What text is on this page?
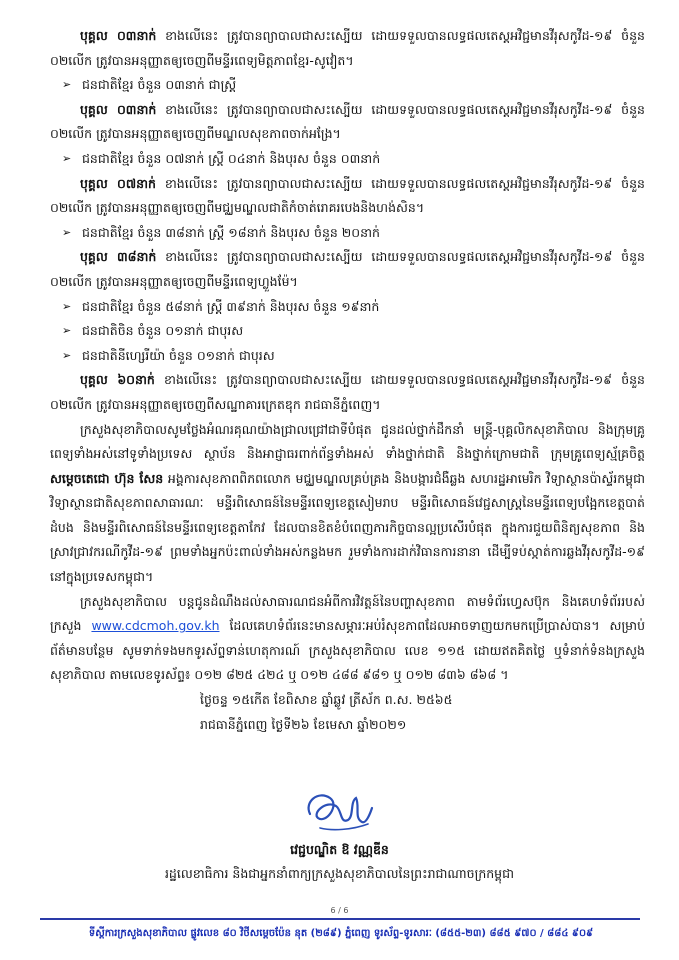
បុគ្គល ០៣នាក់ ខាងលើនេះ ត្រូវបានព្យាបាលជាសះស្បើយ ដោយទទួលបានលទ្ធផលតេស្តអវិជ្ជមានវីរុសកូវីដ-១៩ ចំនួន ០២លើក ត្រូវបានអនុញ្ញាតឲ្យចេញពីមន្ទីរពេទ្យមិត្តភាពខ្មែរ-សូវៀត។

➢ ជនជាតិខ្មែរ ចំនួន ០៣នាក់ ជាស្ត្រី

បុគ្គល ០៣នាក់ ខាងលើនេះ ត្រូវបានព្យាបាលជាសះស្បើយ ដោយទទួលបានលទ្ធផលតេស្តអវិជ្ជមានវីរុសកូវីដ-១៩ ចំនួន ០២លើក ត្រូវបានអនុញ្ញាតឲ្យចេញពីមណ្ឌលសុខភាពចាក់អង្រែ។

➢ ជនជាតិខ្មែរ ចំនួន ០៧នាក់ ស្ត្រី ០៤នាក់ និងបុរស ចំនួន ០៣នាក់

បុគ្គល ០៧នាក់ ខាងលើនេះ ត្រូវបានព្យាបាលជាសះស្បើយ ដោយទទួលបានលទ្ធផលតេស្តអវិជ្ជមានវីរុសកូវីដ-១៩ ចំនួន ០២លើក ត្រូវបានអនុញ្ញាតឲ្យចេញពីមជ្ឈមណ្ឌលជាតិកំចាត់រោគរបេងនិងហង់សិន។

➢ ជនជាតិខ្មែរ ចំនួន ៣៨នាក់ ស្ត្រី ១៨នាក់ និងបុរស ចំនួន ២០នាក់

បុគ្គល ៣៨នាក់ ខាងលើនេះ ត្រូវបានព្យាបាលជាសះស្បើយ ដោយទទួលបានលទ្ធផលតេស្តអវិជ្ជមានវីរុសកូវីដ-១៩ ចំនួន ០២លើក ត្រូវបានអនុញ្ញាតឲ្យចេញពីមន្ទីរពេទ្យហ្លួងម៉ែ។

➢ ជនជាតិខ្មែរ ចំនួន ៥៨នាក់ ស្ត្រី ៣៩នាក់ និងបុរស ចំនួន ១៩នាក់

➢ ជនជាតិចិន ចំនួន ០១នាក់ ជាបុរស

➢ ជនជាតិនីហ្សេរីយ៉ា ចំនួន ០១នាក់ ជាបុរស

បុគ្គល ៦០នាក់ ខាងលើនេះ ត្រូវបានព្យាបាលជាសះស្បើយ ដោយទទួលបានលទ្ធផលតេស្តអវិជ្ជមានវីរុសកូវីដ-១៩ ចំនួន ០២លើក ត្រូវបានអនុញ្ញាតឲ្យចេញពីសណ្ឋាគារក្រេតឌុក រាជធានីភ្នំពេញ។

ក្រសួងសុខាភិបាលសូមថ្លែងអំណរគុណយ៉ាងជ្រាលជ្រៅជាទីបំផុត ជូនដល់ថ្នាក់ដឹកនាំ មន្ត្រី-បុគ្គលិកសុខាភិបាល និងក្រុមគ្រូពេទ្យទាំងអស់នៅទូទាំងប្រទេស ស្ថាប័ន និងអាជ្ញាធរពាក់ព័ន្ធទាំងអស់ ទាំងថ្នាក់ជាតិ និងថ្នាក់ក្រោមជាតិ ក្រុមគ្រូពេទ្យស្ម័គ្រចិត្ត សម្ដេចតេជោ ហ៊ុន សែន អង្គការសុខភាពពិភពលោក មជ្ឈមណ្ឌលគ្រប់គ្រង និងបង្ការជំងឺឆ្លង សហរដ្ឋអាមេរិក វិទ្យាស្ថានប៉ាស្ទ័រកម្ពុជា វិទ្យាស្ថានជាតិសុខភាពសាធារណៈ មន្ទីរពិសោធន៍នៃមន្ទីរពេទ្យខេត្តសៀមរាប មន្ទីរពិសោធន៍វេជ្ជសាស្ត្រនៃមន្ទីរពេទ្យបង្អែកខេត្តបាត់ដំបង និងមន្ទីរពិសោធន៍នៃមន្ទីរពេទ្យខេត្តតាកែវ ដែលបានខិតខំបំពេញភារកិច្ចបានល្អប្រសើរបំផុត ក្នុងការជួយពិនិត្យសុខភាព និងស្រាវជ្រាវករណីកូវីដ-១៩ ព្រមទាំងអ្នកប៉ះពាល់ទាំងអស់កន្លងមក រួមទាំងការដាក់វិធានការនានា ដើម្បីទប់ស្កាត់ការឆ្លងវីរុសកូវីដ-១៩ នៅក្នុងប្រទេសកម្ពុជា។

ក្រសួងសុខាភិបាល បន្តជូនដំណឹងដល់សាធារណជនអំពីការវិវត្តន៍នៃបញ្ហាសុខភាព តាមទំព័រហ្វេសប៊ុក និងគេហទំព័ររបស់ក្រសួង www.cdcmoh.gov.kh ដែលគេហទំព័រនេះមានសម្ភារៈអប់រំសុខភាពដែលអាចទាញយកមកប្រើប្រាស់បាន។ សម្រាប់ព័ត៌មានបន្ថែម សូមទាក់ទងមកទូរស័ព្ទទាន់ហេតុការណ៍ ក្រសួងសុខាភិបាល លេខ ១១៥ ដោយឥតគិតថ្លៃ ឬទំនាក់ទំនងក្រសួងសុខាភិបាល តាមលេខទូរស័ព្ទ៖ ០១២ ៨២៥ ៤២៤ ឬ ០១២ ៤៨៨ ៩៨១ ឬ ០១២ ៨៣៦ ៨៦៨ ។

ថ្ងៃចន្ទ ១៥កើត ខែពិសាខ ឆ្នាំឆ្លូវ ត្រីស័ក ព.ស. ២៥៦៥

រាជធានីភ្នំពេញ ថ្ងៃទី២៦ ខែមេសា ឆ្នាំ២០២១

វេជ្ជបណ្ឌិត ឱ វណ្ណឌីន
រដ្ឋលេខាធិការ និងជាអ្នកនាំពាក្យក្រសួងសុខាភិបាលនៃព្រះរាជាណាចក្រកម្ពុជា
6 / 6
ទីស្តីការក្រសួងសុខាភិបាល ផ្លូវលេខ ៨០ វិថីសម្តេចប៉ែន នុត (២៨៩) ភ្នំពេញ ទូរស័ព្ទ-ទូរសារៈ (៨៥៥-២៣) ៨៨៥ ៩៧០ / ៨៨៤ ៩០៩
